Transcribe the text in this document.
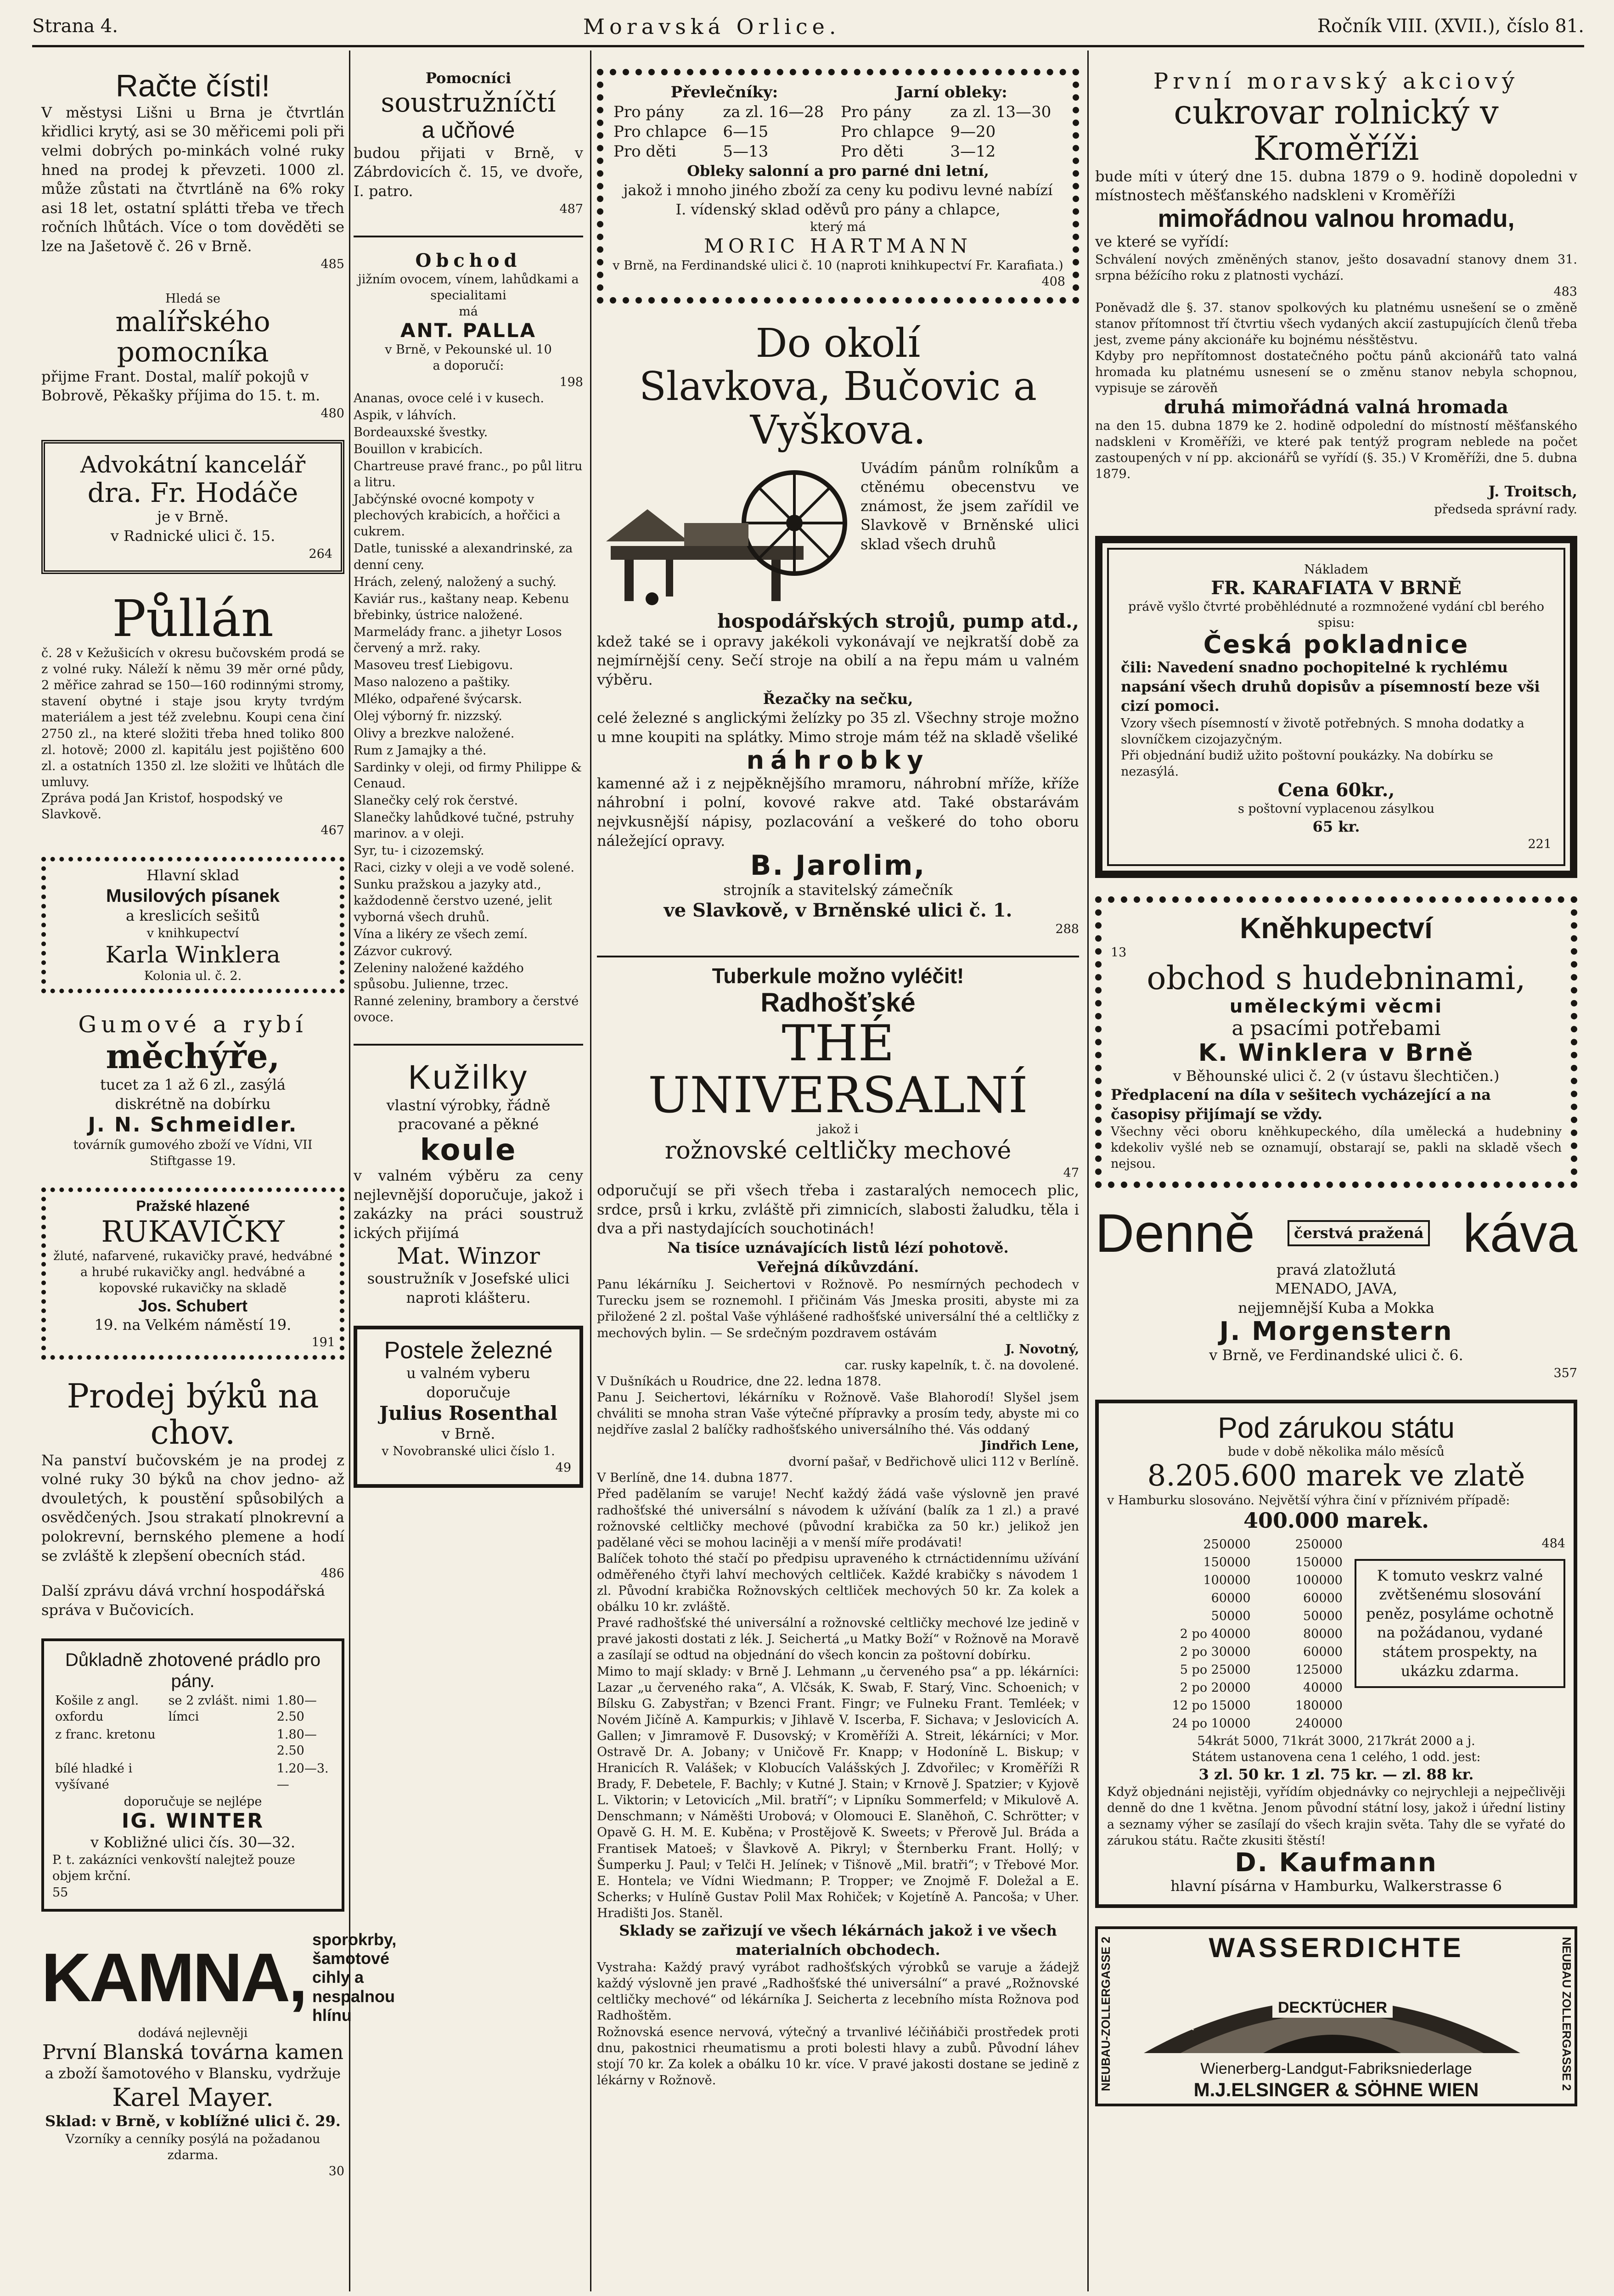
Strana 4.	Moravská Orlice.	Ročník VIII. (XVII.), číslo 81.
Račte čísti!

V městysi Lišni u Brna je čtvrtlán křidlici krytý, asi se 30 měřicemi poli při velmi dobrých po-minkách volné ruky hned na prodej k převzeti. 1000 zl. může zůstati na čtvrtláně na 6% roky asi 18 let, ostatní splátti třeba ve třech ročních lhůtách. Více o tom dověděti se lze na Jašetově č. 26 v Brně.

485

Hledá se
malířského pomocníka

přijme Frant. Dostal, malíř pokojů v Bobrově, Pěkašky příjima do 15. t. m.

480

Advokátní kancelář
dra. Fr. Hodáče
je v Brně.
v Radnické ulici č. 15.
264
Půllán

č. 28 v Kežušicích v okresu bučovském prodá se z volné ruky. Náleží k němu 39 měr orné půdy, 2 měřice zahrad se 150—160 rodinnými stromy, stavení obytné i staje jsou kryty tvrdým materiálem a jest též zvelebnu. Koupi cena činí 2750 zl., na které složiti třeba hned toliko 800 zl. hotově; 2000 zl. kapitálu jest pojištěno 600 zl. a ostatních 1350 zl. lze složiti ve lhůtách dle umluvy.

Zpráva podá Jan Kristof, hospodský ve Slavkově.

467

Hlavní sklad
Musilových písanek
a kreslicích sešitů
v knihkupectví
Karla Winklera
Kolonia ul. č. 2.
Gumové a rybí
měchýře,
tucet za 1 až 6 zl., zasýlá
diskrétně na dobírku
J. N. Schmeidler.
továrník gumového zboží ve Vídni, VII Stiftgasse 19.
Pražské hlazené
RUKAVIČKY
žluté, nafarvené, rukavičky pravé, hedvábné a hrubé rukavičky angl. hedvábné a kopovské rukavičky na skladě
Jos. Schubert
19. na Velkém náměstí 19.
191
Prodej býků na chov.

Na panství bučovském je na prodej z volné ruky 30 býků na chov jedno- až dvouletých, k poustění spůsobilých a osvědčených. Jsou strakatí plnokrevní a polokrevní, bernského plemene a hodí se zvláště k zlepšení obecních stád.

486

Další zprávu dává vrchní hospodářská správa v Bučovicích.

Důkladně zhotovené prádlo pro pány.
Košile z angl. oxfordu	se 2 zvlášt. nimi límci	1.80—2.50
z franc. kretonu		1.80—2.50
bílé hladké i vyšívané		1.20—3.—
doporučuje se nejlépe
IG. WINTER
v Kobližné ulici čís. 30—32.
P. t. zakázníci venkovští nalejtež pouze objem krční.
55
KAMNA, sporokrby, šamotové cihly a nespalnou hlínu
dodává nejlevněji
První Blanská továrna kamen
a zboží šamotového v Blansku, vydržuje
Karel Mayer.
Sklad: v Brně, v koblížné ulici č. 29.
Vzorníky a cenníky posýlá na požadanou zdarma.
30
Pomocníci
soustružníčtí
a učňové

budou přijati v Brně, v Zábrdovicích č. 15, ve dvoře, I. patro.

487

Obchod
jižním ovocem, vínem, lahůdkami a specialitami
má
ANT. PALLA
v Brně, v Pekounské ul. 10
a doporučí:
198
Ananas, ovoce celé i v kusech.
Aspik, v láhvích.
Bordeauxské švestky.
Bouillon v krabicích.
Chartreuse pravé franc., po půl litru a litru.
Jabčýnské ovocné kompoty v plechových krabicích, a hořčici a cukrem.
Datle, tunisské a alexandrinské, za denní ceny.
Hrách, zelený, naložený a suchý.
Kaviár rus., kaštany neap. Kebenu břebinky, ústrice naložené.
Marmelády franc. a jihetyr Losos červený a mrž. raky.
Masoveu tresť Liebigovu.
Maso nalozeno a paštiky.
Mléko, odpařené švýcarsk.
Olej výborný fr. nizzský.
Olivy a brezkve naložené.
Rum z Jamajky a thé.
Sardinky v oleji, od firmy Philippe & Cenaud.
Slanečky celý rok čerstvé.
Slanečky lahůdkové tučné, pstruhy marinov. a v oleji.
Syr, tu- i cizozemský.
Raci, cizky v oleji a ve vodě solené.
Sunku pražskou a jazyky atd., každodenně čerstvo uzené, jelit vyborná všech druhů.
Vína a likéry ze všech zemí.
Zázvor cukrový.
Zeleniny naložené každého spůsobu. Julienne, trzec.
Ranné zeleniny, brambory a čerstvé ovoce.
Kužilky
vlastní výrobky, řádně pracované a pěkné
koule

v valném výběru za ceny nejlevnější doporučuje, jakož i zakázky na práci soustruž ických přijímá

Mat. Winzor
soustružník v Josefské ulici naproti klášteru.
Postele železné
u valném vyberu
doporučuje
Julius Rosenthal
v Brně.
v Novobranské ulici číslo 1.
49
Převlečníky:		Jarní obleky:	
Pro pány	za zl. 16—28	Pro pány	za zl. 13—30
Pro chlapce	6—15	Pro chlapce	9—20
Pro děti	5—13	Pro děti	3—12
Obleky salonní a pro parné dni letní,
jakož i mnoho jiného zboží za ceny ku podivu levné nabízí
I. vídenský sklad oděvů pro pány a chlapce,
který má
MORIC HARTMANN
v Brně, na Ferdinandské ulici č. 10 (naproti knihkupectví Fr. Karafiata.)
408
Do okolí
Slavkova, Bučovic a Vyškova.

Uvádím pánům rolníkům a ctěnému obecenstvu ve známost, že jsem zařídil ve Slavkově v Brněnské ulici sklad všech druhů

hospodářských strojů, pump atd.,

kdež také se i opravy jakékoli vykonávají ve nejkratší době za nejmírnější ceny. Sečí stroje na obilí a na řepu mám u valném výběru.

Řezačky na sečku,

celé železné s anglickými želízky po 35 zl. Všechny stroje možno u mne koupiti na splátky. Mimo stroje mám též na skladě všeliké

náhrobky

kamenné až i z nejpěknějšího mramoru, náhrobní mříže, kříže náhrobní i polní, kovové rakve atd. Také obstarávám nejvkusnější nápisy, pozlacování a veškeré do toho oboru náležející opravy.

B. Jarolim,
strojník a stavitelský zámečník
ve Slavkově, v Brněnské ulici č. 1.
288
Tuberkule možno vyléčit!
Radhošťské
THÉ UNIVERSALNÍ
jakož i
rožnovské celtličky mechové
47

odporučují se při všech třeba i zastaralých nemocech plic, srdce, prsů i krku, zvláště při zimnicích, slabosti žaludku, těla i dva a při nastydajících souchotinách!

Na tisíce uznávajících listů lézí pohotově.

Veřejná díkůvzdání.

Panu lékárníku J. Seichertovi v Rožnově. Po nesmírných pechodech v Turecku jsem se roznemohl. I přičinám Vás Jmeska prositi, abyste mi za přiložené 2 zl. poštal Vaše výhlášené radhošťské universální thé a celtličky z mechových bylin. — Se srdečným pozdravem ostávám

J. Novotný,

car. rusky kapelník, t. č. na dovolené.

V Dušníkách u Roudrice, dne 22. ledna 1878.

Panu J. Seichertovi, lékárníku v Rožnově. Vaše Blahorodí! Slyšel jsem chváliti se mnoha stran Vaše výtečné přípravky a prosím tedy, abyste mi co nejdříve zaslal 2 balíčky radhošťského universálního thé. Vás oddaný

Jindřich Lene,

dvorní pašař, v Bedřichově ulici 112 v Berlíně.

V Berlíně, dne 14. dubna 1877.

Před padělaním se varuje! Nechť každý žádá vaše výslovně jen pravé radhošťské thé universální s návodem k užívání (balík za 1 zl.) a pravé rožnovské celtličky mechové (původní krabička za 50 kr.) jelikož jen padělané věci se mohou laciněji a v menší míře prodávati!

Balíček tohoto thé stačí po předpisu upraveného k ctrnáctidennímu užívání odměřeného čtyři lahví mechových celtliček. Každé krabičky s návodem 1 zl. Původní krabička Rožnovských celtliček mechových 50 kr. Za kolek a obálku 10 kr. zvláště.

Pravé radhošťské thé universální a rožnovské celtličky mechové lze jedině v pravé jakosti dostati z lék. J. Seichertá „u Matky Boží“ v Rožnově na Moravě a zasílají se odtud na objednání do všech koncin za poštovní dobírku.

Mimo to mají sklady: v Brně J. Lehmann „u červeného psa“ a pp. lékárníci: Lazar „u červeného raka“, A. Vlčsák, K. Swab, F. Starý, Vinc. Schoenich; v Bílsku G. Zabystřan; v Bzenci Frant. Fingr; ve Fulneku Frant. Temléek; v Novém Jičíně A. Kampurkis; v Jihlavě V. Iscerba, F. Sichava; v Jeslovicích A. Gallen; v Jimramově F. Dusovský; v Kroměříži A. Streit, lékárníci; v Mor. Ostravě Dr. A. Jobany; v Uničově Fr. Knapp; v Hodoníně L. Biskup; v Hranicích R. Valášek; v Klobucích Valášských J. Zdvořilec; v Kroměříži R Brady, F. Debetele, F. Bachly; v Kutné J. Stain; v Krnově J. Spatzier; v Kyjově L. Viktorin; v Letovicích „Mil. bratří“; v Lipníku Sommerfeld; v Mikulově A. Denschmann; v Náměšti Urobová; v Olomouci E. Slaněhoň, C. Schrötter; v Opavě G. H. M. E. Kuběna; v Prostějově K. Sweets; v Přerově Jul. Bráda a Frantisek Matoeš; v Šlavkově A. Pikryl; v Šternberku Frant. Hollý; v Šumperku J. Paul; v Telči H. Jelínek; v Tišnově „Mil. bratři“; v Třebové Mor. E. Hontela; ve Vídni Wiedmann; P. Tropper; ve Znojmě F. Doležal a E. Scherks; v Hulíně Gustav Polil Max Rohiček; v Kojetíně A. Pancoša; v Uher. Hradišti Jos. Staněl.

Sklady se zařizují ve všech lékárnách jakož i ve všech materialních obchodech.

Vystraha: Každý pravý vyrábot radhošťských výrobků se varuje a žádejž každý výslovně jen pravé „Radhošťské thé universální“ a pravé „Rožnovské celtličky mechové“ od lékárníka J. Seicherta z lecebního místa Rožnova pod Radhoštěm.

Rožnovská esence nervová, výtečný a trvanlivé léčiňábiči prostředek proti dnu, pakostnici rheumatismu a proti bolesti hlavy a zubů. Původní láhev stojí 70 kr. Za kolek a obálku 10 kr. více. V pravé jakosti dostane se jedině z lékárny v Rožnově.

První moravský akciový
cukrovar rolnický v Kroměříži

bude míti v úterý dne 15. dubna 1879 o 9. hodině dopoledni v místnostech měšťanského nadskleni v Kroměříži

mimořádnou valnou hromadu,

ve které se vyřídí:

Schválení nových změněných stanov, ješto dosavadní stanovy dnem 31. srpna béžícího roku z platnosti vychází.

483

Poněvadž dle §. 37. stanov spolkových ku platnému usnešení se o změně stanov přítomnost tří čtvrtiu všech vydaných akcií zastupujících členů třeba jest, zveme pány akcionáře ku bojnému nésštěstvu.

Kdyby pro nepřítomnost dostatečného počtu pánů akcionářů tato valná hromada ku platnému usnesení se o změnu stanov nebyla schopnou, vypisuje se zárověň

druhá mimořádná valná hromada

na den 15. dubna 1879 ke 2. hodině odpolední do místností měšťanského nadskleni v Kroměříži, ve které pak tentýž program neblede na počet zastoupených v ní pp. akcionářů se vyřídí (§. 35.) V Kroměříži, dne 5. dubna 1879.

J. Troitsch,

předseda správní rady.

Nákladem
FR. KARAFIATA V BRNĚ
právě vyšlo čtvrté proběhlédnuté a rozmnožené vydání cbl berého spisu:
Česká pokladnice
čili: Navedení snadno pochopitelné k rychlému napsání všech druhů dopisův a písemností beze vši cizí pomoci.
Vzory všech písemností v životě potřebných. S mnoha dodatky a slovníčkem cizojazyčným.
Při objednání budiž užito poštovní poukázky. Na dobírku se nezasýlá.
Cena 60kr.,
s poštovní vyplacenou zásylkou
65 kr.
221
Kněhkupectví
13
obchod s hudebninami,
uměleckými věcmi
a psacími potřebami
K. Winklera v Brně
v Běhounské ulici č. 2 (v ústavu šlechtičen.)
Předplacení na díla v sešitech vycházející a na časopisy přijímají se vždy.
Všechny věci oboru kněhkupeckého, díla umělecká a hudebniny kdekoliv vyšlé neb se oznamují, obstarají se, pakli na skladě všech nejsou.
Denně	čerstvá pražená káva
pravá zlatožlutá
MENADO, JAVA,
nejjemnější Kuba a Mokka
J. Morgenstern
v Brně, ve Ferdinandské ulici č. 6.
357
Pod zárukou státu
bude v době několika málo měsíců
8.205.600 marek ve zlatě
v Hamburku slosováno. Největší výhra činí v příznivém případě:
400.000 marek.
250000	250000
150000	150000
100000	100000
60000	60000
50000	50000
2 po 40000	80000
2 po 30000	60000
5 po 25000	125000
2 po 20000	40000
12 po 15000	180000
24 po 10000	240000
484
K tomuto veskrz valné zvětšenému slosování peněz, posyláme ochotně na požádanou, vydané státem prospekty, na ukázku zdarma.
54krát 5000, 71krát 3000, 217krát 2000 a j.
Státem ustanovena cena 1 celého, 1 odd. jest:
3 zl. 50 kr. 1 zl. 75 kr. — zl. 88 kr.
Když objednáni nejistěji, vyřídím objednávky co nejrychleji a nejpečlivěji denně do dne 1 května. Jenom původní státní losy, jakož i úřední listiny a seznamy výher se zasílají do všech krajin světa. Tahy dle se vyřaté do zárukou státu. Račte zkusiti štěstí!
D. Kaufmann
hlavní písárna v Hamburku, Walkerstrasse 6
NEUBAU-ZOLLERGASSE 2	NEUBAU ZOLLERGASSE 2
WASSERDICHTE
ZELTSTOFFE	REGENMÄNTEL
DECKTÜCHER
empfiehlt
Wienerberg-Landgut-Fabriksniederlage
M.J.ELSINGER & SÖHNE WIEN
